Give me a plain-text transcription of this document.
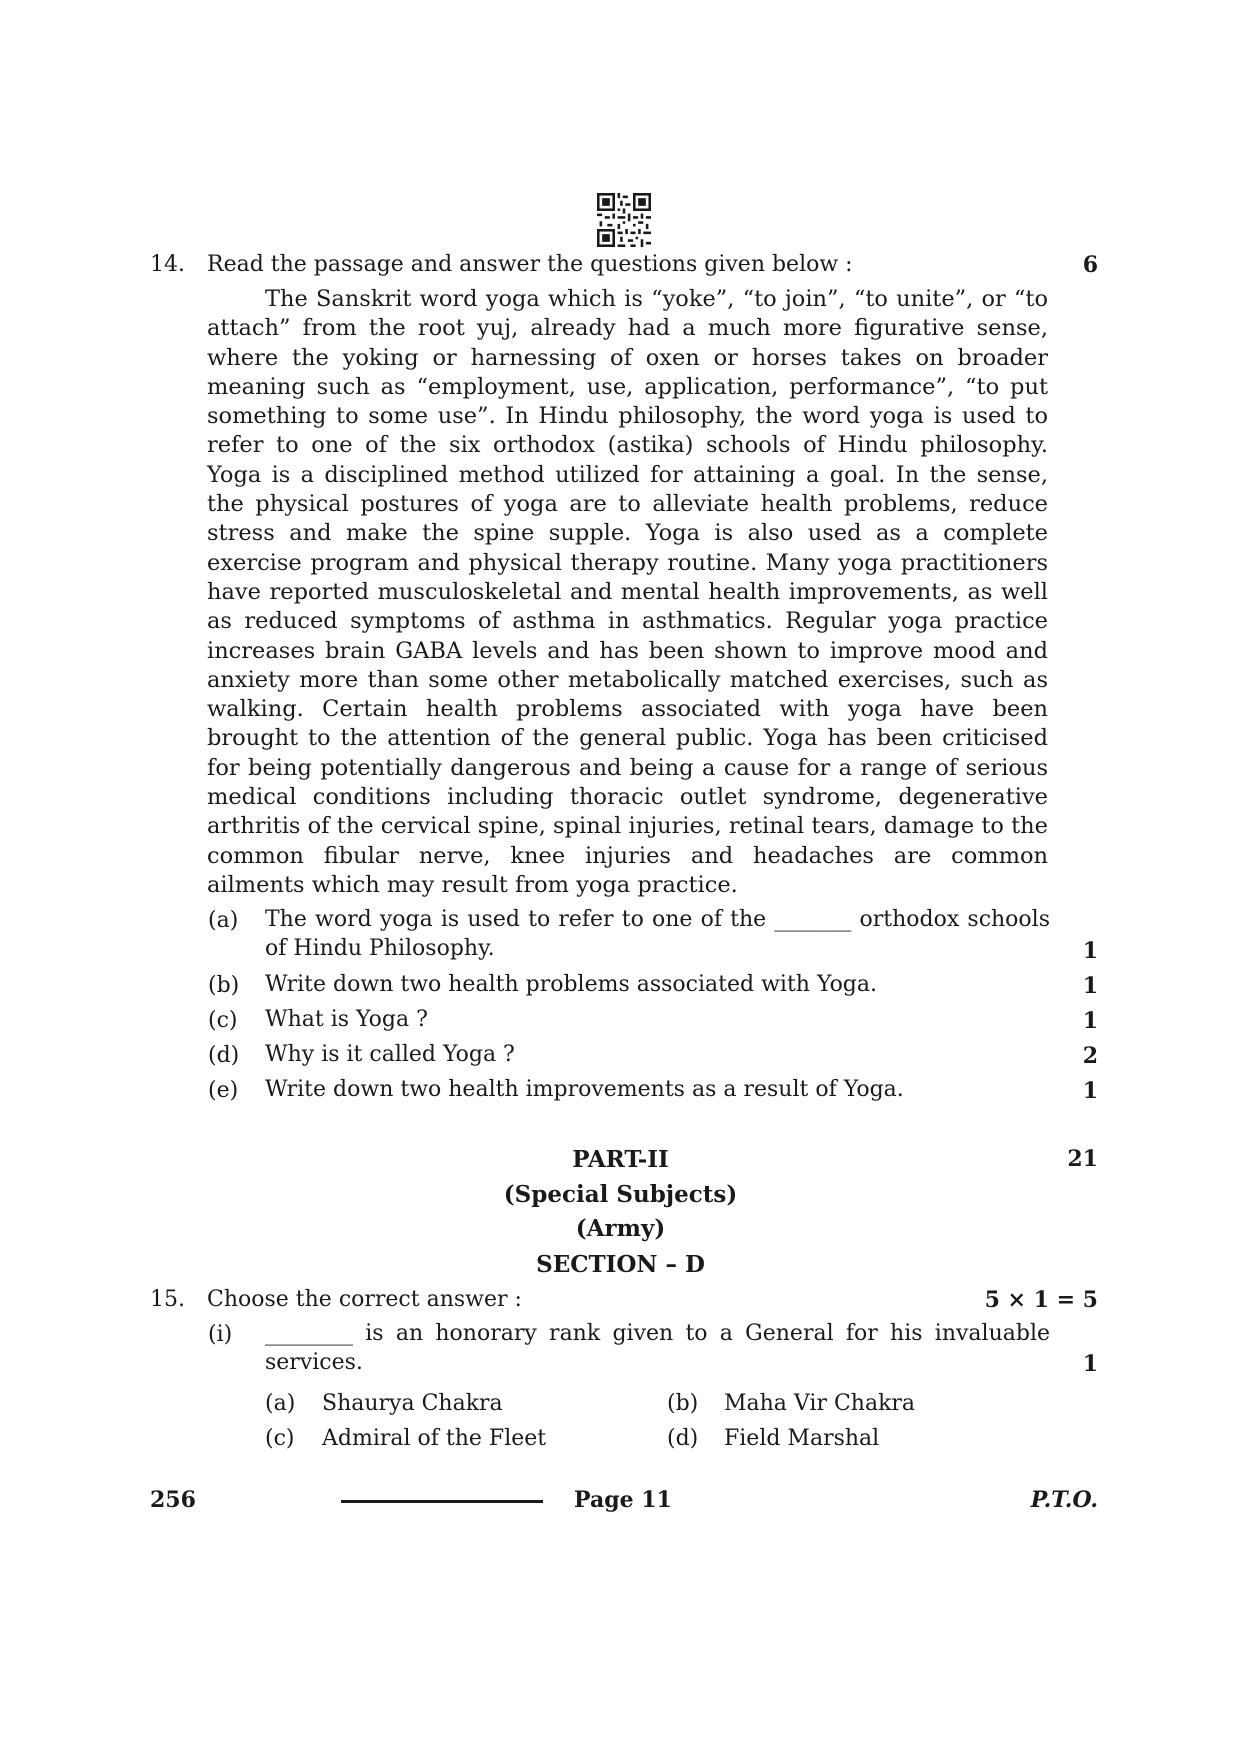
14. Read the passage and answer the questions given below :	6

The Sanskrit word yoga which is “yoke”, “to join”, “to unite”, or “to attach” from the root yuj, already had a much more figurative sense, where the yoking or harnessing of oxen or horses takes on broader meaning such as “employment, use, application, performance”, “to put something to some use”. In Hindu philosophy, the word yoga is used to refer to one of the six orthodox (astika) schools of Hindu philosophy. Yoga is a disciplined method utilized for attaining a goal. In the sense, the physical postures of yoga are to alleviate health problems, reduce stress and make the spine supple. Yoga is also used as a complete exercise program and physical therapy routine. Many yoga practitioners have reported musculoskeletal and mental health improvements, as well as reduced symptoms of asthma in asthmatics. Regular yoga practice increases brain GABA levels and has been shown to improve mood and anxiety more than some other metabolically matched exercises, such as walking. Certain health problems associated with yoga have been brought to the attention of the general public. Yoga has been criticised for being potentially dangerous and being a cause for a range of serious medical conditions including thoracic outlet syndrome, degenerative arthritis of the cervical spine, spinal injuries, retinal tears, damage to the common fibular nerve, knee injuries and headaches are common ailments which may result from yoga practice.

(a) The word yoga is used to refer to one of the _______ orthodox schools of Hindu Philosophy.	1
(b) Write down two health problems associated with Yoga.	1
(c) What is Yoga ?	1
(d) Why is it called Yoga ?	2
(e) Write down two health improvements as a result of Yoga.	1
PART-II	21
(Special Subjects)
(Army)
SECTION – D
15. Choose the correct answer :	5 × 1 = 5
(i) ________ is an honorary rank given to a General for his invaluable services.	1
(a) Shaurya Chakra	(b) Maha Vir Chakra
(c) Admiral of the Fleet	(d) Field Marshal
256	Page 11	P.T.O.
